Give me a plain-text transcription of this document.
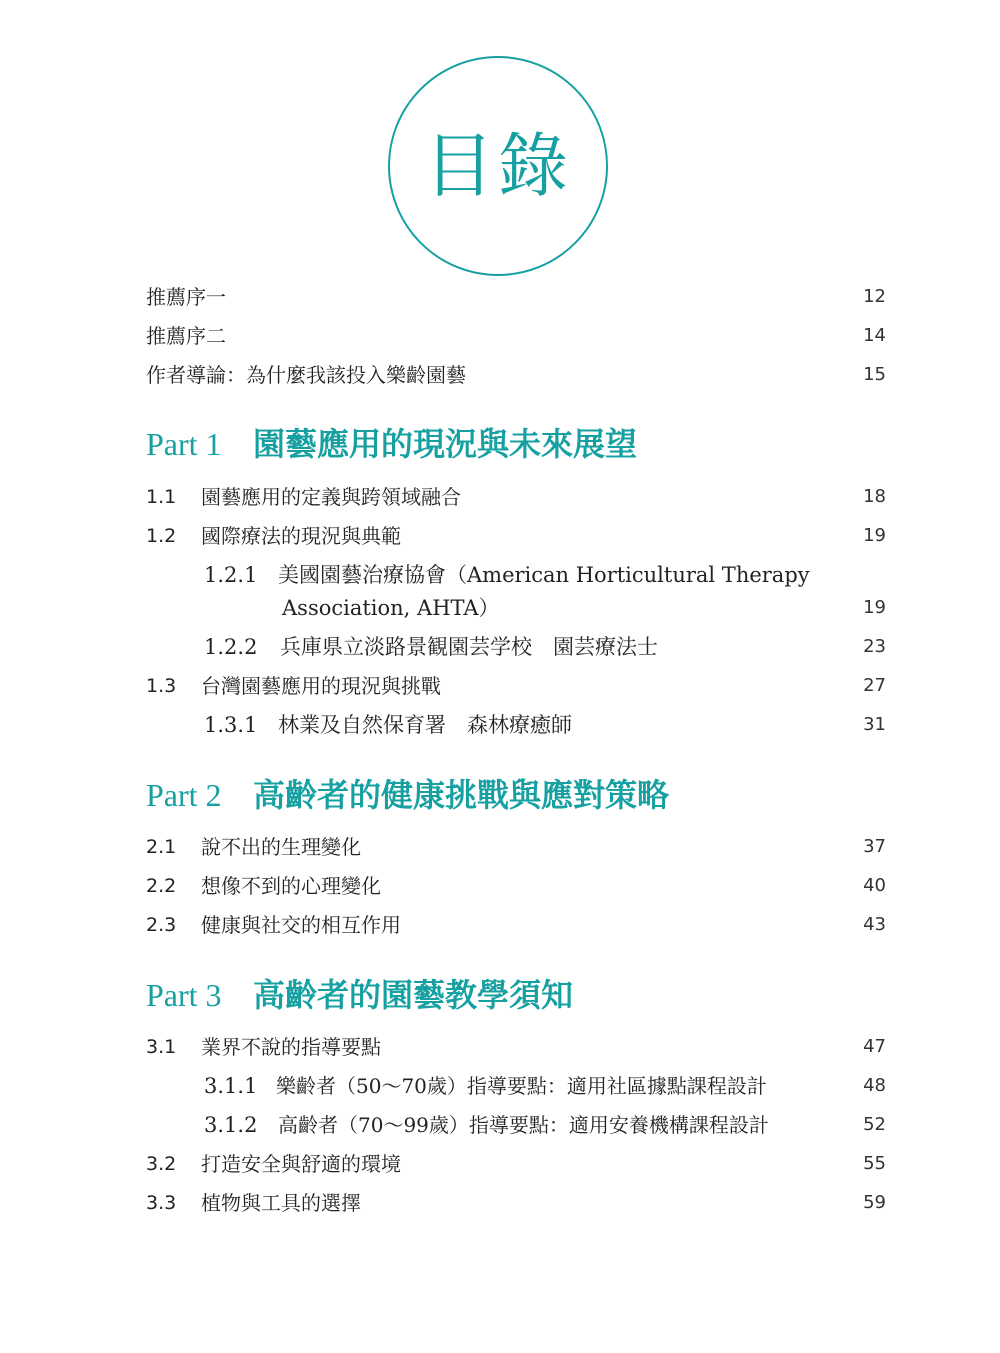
目錄
推薦序一	12
推薦序二	14
作者導論：為什麼我該投入樂齡園藝	15
Part 1 園藝應用的現況與未來展望
1.1 園藝應用的定義與跨領域融合	18
1.2 國際療法的現況與典範	19
1.2.1 美國園藝治療協會（American Horticultural Therapy
Association, AHTA）	19
1.2.2 兵庫県立淡路景観園芸学校　園芸療法士	23
1.3 台灣園藝應用的現況與挑戰	27
1.3.1 林業及自然保育署　森林療癒師	31
Part 2 高齡者的健康挑戰與應對策略
2.1 說不出的生理變化	37
2.2 想像不到的心理變化	40
2.3 健康與社交的相互作用	43
Part 3 高齡者的園藝教學須知
3.1 業界不說的指導要點	47
3.1.1 樂齡者（50～70歲）指導要點：適用社區據點課程設計	48
3.1.2 高齡者（70～99歲）指導要點：適用安養機構課程設計	52
3.2 打造安全與舒適的環境	55
3.3 植物與工具的選擇	59
